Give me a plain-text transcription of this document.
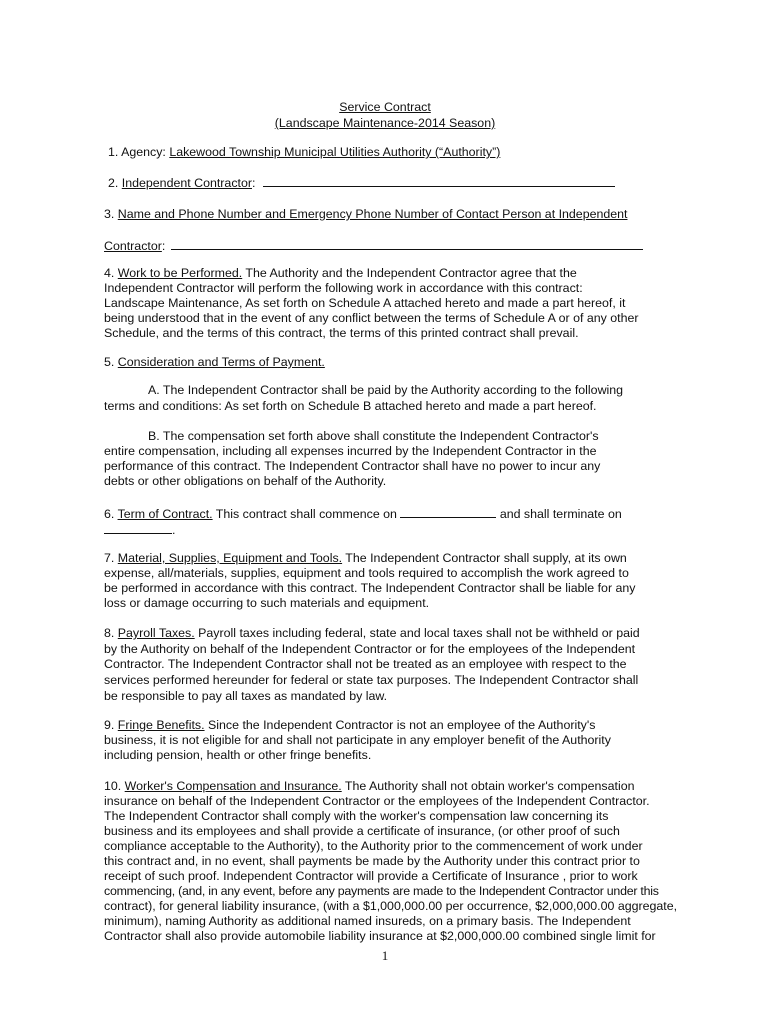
Service Contract
(Landscape Maintenance-2014 Season)
1. Agency: Lakewood Township Municipal Utilities Authority (“Authority”)
2. Independent Contractor:
3. Name and Phone Number and Emergency Phone Number of Contact Person at Independent
Contractor:
4. Work to be Performed. The Authority and the Independent Contractor agree that the
Independent Contractor will perform the following work in accordance with this contract:
Landscape Maintenance, As set forth on Schedule A attached hereto and made a part hereof, it
being understood that in the event of any conflict between the terms of Schedule A or of any other
Schedule, and the terms of this contract, the terms of this printed contract shall prevail.
5. Consideration and Terms of Payment.
A. The Independent Contractor shall be paid by the Authority according to the following
terms and conditions: As set forth on Schedule B attached hereto and made a part hereof.
B. The compensation set forth above shall constitute the Independent Contractor's
entire compensation, including all expenses incurred by the Independent Contractor in the
performance of this contract. The Independent Contractor shall have no power to incur any
debts or other obligations on behalf of the Authority.
6. Term of Contract. This contract shall commence on	and shall terminate on
.
7. Material, Supplies, Equipment and Tools. The Independent Contractor shall supply, at its own
expense, all/materials, supplies, equipment and tools required to accomplish the work agreed to
be performed in accordance with this contract. The Independent Contractor shall be liable for any
loss or damage occurring to such materials and equipment.
8. Payroll Taxes. Payroll taxes including federal, state and local taxes shall not be withheld or paid
by the Authority on behalf of the Independent Contractor or for the employees of the Independent
Contractor. The Independent Contractor shall not be treated as an employee with respect to the
services performed hereunder for federal or state tax purposes. The Independent Contractor shall
be responsible to pay all taxes as mandated by law.
9. Fringe Benefits. Since the Independent Contractor is not an employee of the Authority's
business, it is not eligible for and shall not participate in any employer benefit of the Authority
including pension, health or other fringe benefits.
10. Worker's Compensation and Insurance. The Authority shall not obtain worker's compensation
insurance on behalf of the Independent Contractor or the employees of the Independent Contractor.
The Independent Contractor shall comply with the worker's compensation law concerning its
business and its employees and shall provide a certificate of insurance, (or other proof of such
compliance acceptable to the Authority), to the Authority prior to the commencement of work under
this contract and, in no event, shall payments be made by the Authority under this contract prior to
receipt of such proof. Independent Contractor will provide a Certificate of Insurance , prior to work
commencing, (and, in any event, before any payments are made to the Independent Contractor under this
contract), for general liability insurance, (with a $1,000,000.00 per occurrence, $2,000,000.00 aggregate,
minimum), naming Authority as additional named insureds, on a primary basis. The Independent
Contractor shall also provide automobile liability insurance at $2,000,000.00 combined single limit for
1
